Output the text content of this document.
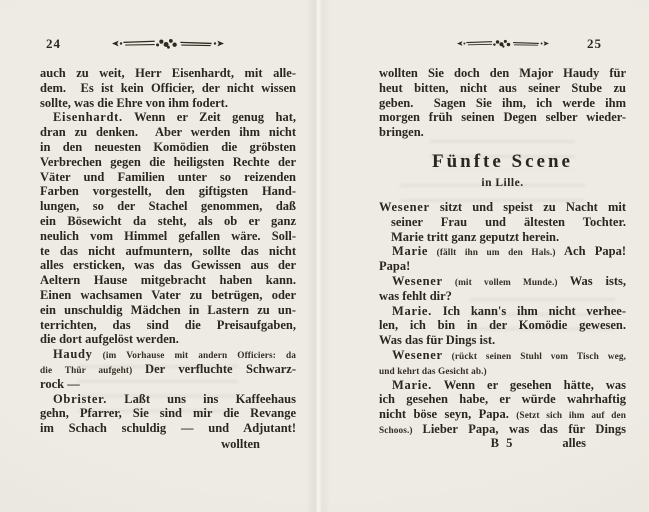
24
auch zu weit, Herr Eisenhardt, mit alle-
dem.  Es ist kein Officier, der nicht wissen
sollte, was die Ehre von ihm fodert.
Eisenhardt. Wenn er Zeit genug hat,
dran zu denken.  Aber werden ihm nicht
in den neuesten Komödien die gröbsten
Verbrechen gegen die heiligsten Rechte der
Väter und Familien unter so reizenden
Farben vorgestellt, den giftigsten Hand-
lungen, so der Stachel genommen, daß
ein Bösewicht da steht, als ob er ganz
neulich vom Himmel gefallen wäre. Soll-
te das nicht aufmuntern, sollte das nicht
alles ersticken, was das Gewissen aus der
Aeltern Hause mitgebracht haben kann.
Einen wachsamen Vater zu betrügen, oder
ein unschuldig Mädchen in Lastern zu un-
terrichten, das sind die Preisaufgaben,
die dort aufgelöst werden.
Haudy (im Vorhause mit andern Officiers: da
die Thür aufgeht) Der verfluchte Schwarz-
rock —
Obrister. Laßt uns ins Kaffeehaus
gehn, Pfarrer, Sie sind mir die Revange
im Schach schuldig — und Adjutant!
wollten
25
wollten Sie doch den Major Haudy für
heut bitten, nicht aus seiner Stube zu
geben.  Sagen Sie ihm, ich werde ihm
morgen früh seinen Degen selber wieder-
bringen.
Fünfte Scene
in Lille.
Wesener sitzt und speist zu Nacht mit
seiner Frau und ältesten Tochter.
Marie tritt ganz geputzt herein.
Marie (fällt ihn um den Hals.) Ach Papa!
Papa!
Wesener (mit vollem Munde.) Was ists,
was fehlt dir?
Marie. Ich kann's ihm nicht verhee-
len, ich bin in der Komödie gewesen.
Was das für Dings ist.
Wesener (rückt seinen Stuhl vom Tisch weg,
und kehrt das Gesicht ab.)
Marie. Wenn er gesehen hätte, was
ich gesehen habe, er würde wahrhaftig
nicht böse seyn, Papa. (Setzt sich ihm auf den
Schoos.) Lieber Papa, was das für Dings
B 5	alles
